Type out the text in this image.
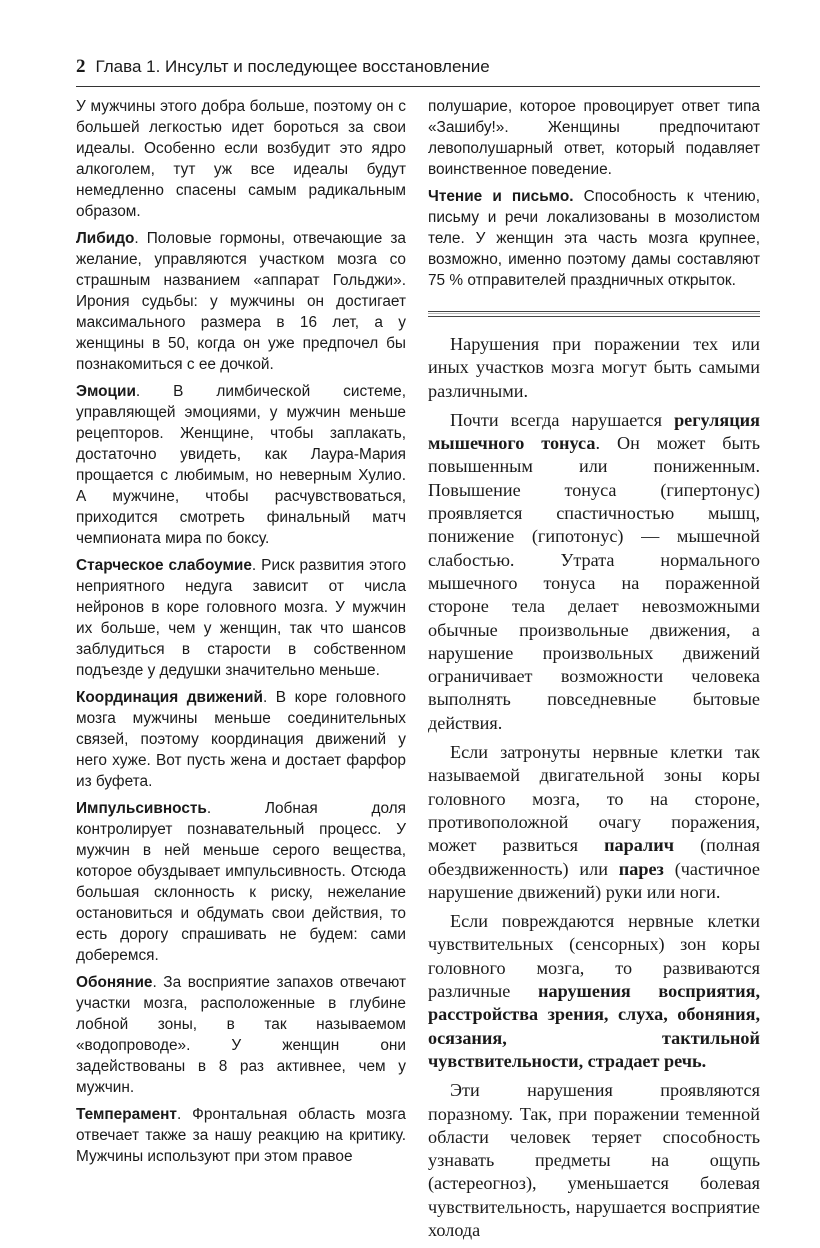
2 Глава 1. Инсульт и последующее восстановление

У мужчины этого добра больше, поэтому он с большей легкостью идет бороться за свои идеалы. Особенно если возбудит это ядро алкоголем, тут уж все идеалы будут немедленно спасены самым радикальным образом.

Либидо. Половые гормоны, отвечающие за желание, управляются участком мозга со страшным названием «аппарат Гольджи». Ирония судьбы: у мужчины он достигает максимального размера в 16 лет, а у женщины в 50, когда он уже предпочел бы познакомиться с ее дочкой.

Эмоции. В лимбической системе, управляющей эмоциями, у мужчин меньше рецепторов. Женщине, чтобы заплакать, достаточно увидеть, как Лаура-Мария прощается с любимым, но неверным Хулио. А мужчине, чтобы расчувствоваться, приходится смотреть финальный матч чемпионата мира по боксу.

Старческое слабоумие. Риск развития этого неприятного недуга зависит от числа нейронов в коре головного мозга. У мужчин их больше, чем у женщин, так что шансов заблудиться в старости в собственном подъезде у дедушки значительно меньше.

Координация движений. В коре головного мозга мужчины меньше соединительных связей, поэтому координация движений у него хуже. Вот пусть жена и достает фарфор из буфета.

Импульсивность. Лобная доля контролирует познавательный процесс. У мужчин в ней меньше серого вещества, которое обуздывает импульсивность. Отсюда большая склонность к риску, нежелание остановиться и обдумать свои действия, то есть дорогу спрашивать не будем: сами доберемся.

Обоняние. За восприятие запахов отвечают участки мозга, расположенные в глубине лобной зоны, в так называемом «водопроводе». У женщин они задействованы в 8 раз активнее, чем у мужчин.

Темперамент. Фронтальная область мозга отвечает также за нашу реакцию на критику. Мужчины используют при этом правое

полушарие, которое провоцирует ответ типа «Зашибу!». Женщины предпочитают левополушарный ответ, который подавляет воинственное поведение.

Чтение и письмо. Способность к чтению, письму и речи локализованы в мозолистом теле. У женщин эта часть мозга крупнее, возможно, именно поэтому дамы составляют 75 % отправителей праздничных открыток.

Нарушения при поражении тех или иных участков мозга могут быть самыми различными.

Почти всегда нарушается регуляция мышечного тонуса. Он может быть повышенным или пониженным. Повышение тонуса (гипертонус) проявляется спастичностью мышц, понижение (гипотонус) — мышечной слабостью. Утрата нормального мышечного тонуса на пораженной стороне тела делает невозможными обычные произвольные движения, а нарушение произвольных движений ограничивает возможности человека выполнять повседневные бытовые действия.

Если затронуты нервные клетки так называемой двигательной зоны коры головного мозга, то на стороне, противоположной очагу поражения, может развиться паралич (полная обездвиженность) или парез (частичное нарушение движений) руки или ноги.

Если повреждаются нервные клетки чувствительных (сенсорных) зон коры головного мозга, то развиваются различные нарушения восприятия, расстройства зрения, слуха, обоняния, осязания, тактильной чувствительности, страдает речь.

Эти нарушения проявляются поразному. Так, при поражении теменной области человек теряет способность узнавать предметы на ощупь (астереогноз), уменьшается болевая чувствительность, нарушается восприятие холода
